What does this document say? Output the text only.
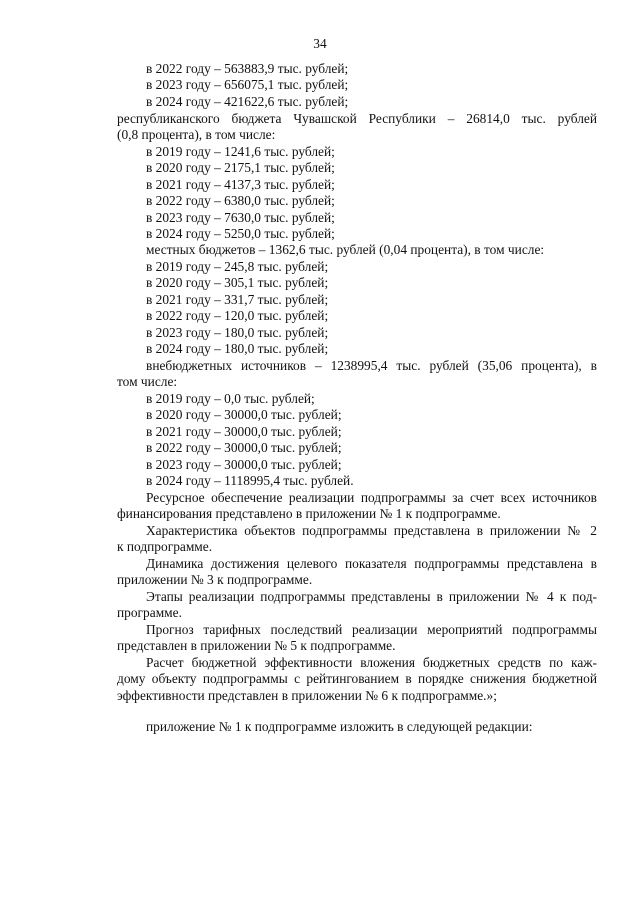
34
в 2022 году – 563883,9 тыс. рублей;
в 2023 году – 656075,1 тыс. рублей;
в 2024 году – 421622,6 тыс. рублей;
республиканского бюджета Чувашской Республики – 26814,0 тыс. рублей
(0,8 процента), в том числе:
в 2019 году – 1241,6 тыс. рублей;
в 2020 году – 2175,1 тыс. рублей;
в 2021 году – 4137,3 тыс. рублей;
в 2022 году – 6380,0 тыс. рублей;
в 2023 году – 7630,0 тыс. рублей;
в 2024 году – 5250,0 тыс. рублей;
местных бюджетов – 1362,6 тыс. рублей (0,04 процента), в том числе:
в 2019 году – 245,8 тыс. рублей;
в 2020 году – 305,1 тыс. рублей;
в 2021 году – 331,7 тыс. рублей;
в 2022 году – 120,0 тыс. рублей;
в 2023 году – 180,0 тыс. рублей;
в 2024 году – 180,0 тыс. рублей;
внебюджетных источников – 1238995,4 тыс. рублей (35,06 процента), в
том числе:
в 2019 году – 0,0 тыс. рублей;
в 2020 году – 30000,0 тыс. рублей;
в 2021 году – 30000,0 тыс. рублей;
в 2022 году – 30000,0 тыс. рублей;
в 2023 году – 30000,0 тыс. рублей;
в 2024 году – 1118995,4 тыс. рублей.
Ресурсное обеспечение реализации подпрограммы за счет всех источников
финансирования представлено в приложении № 1 к подпрограмме.
Характеристика объектов подпрограммы представлена в приложении № 2
к подпрограмме.
Динамика достижения целевого показателя подпрограммы представлена в
приложении № 3 к подпрограмме.
Этапы реализации подпрограммы представлены в приложении № 4 к под-
программе.
Прогноз тарифных последствий реализации мероприятий подпрограммы
представлен в приложении № 5 к подпрограмме.
Расчет бюджетной эффективности вложения бюджетных средств по каж-
дому объекту подпрограммы с рейтингованием в порядке снижения бюджетной
эффективности представлен в приложении № 6 к подпрограмме.»;
приложение № 1 к подпрограмме изложить в следующей редакции:
